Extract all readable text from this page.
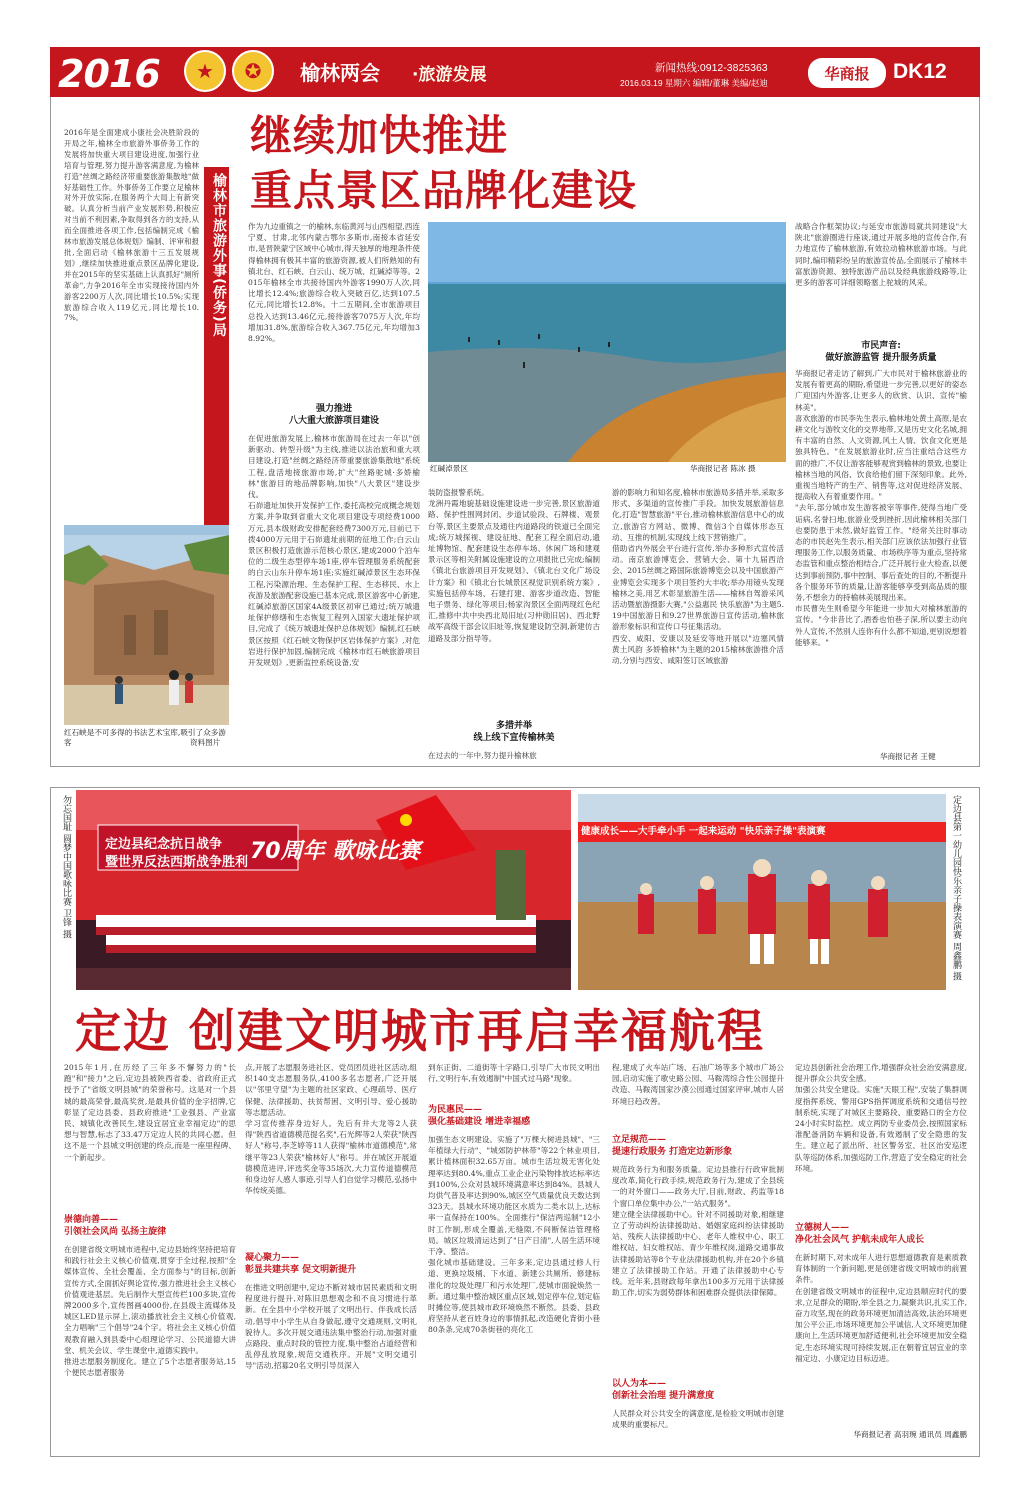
2016	★	✪	榆林两会 ·旅游发展	新闻热线:0912-3825363
2016.03.19 星期六 编辑/董琳 美编/赵迪
华商报	DK12
继续加快推进
重点景区品牌化建设
2016年是全面建成小康社会决胜阶段的开局之年,榆林全市旅游外事侨务工作的发展将加快重大项目建设进度,加强行业培育与管理,努力提升游客满意度,为榆林打造"丝绸之路经济带重要旅游集散地"做好基础性工作。外事侨务工作要立足榆林对外开放实际,在服务两个大局上有新突破。认真分析当前产业发展形势,积极应对当前不利因素,争取得到各方的支持,从而全面推进各项工作,包括编制完成《榆林市旅游发展总体规划》编制、评审和报批,全面启动《榆林旅游十三五发展规划》,继续加快推进重点景区品牌化建设,并在2015年的坚实基础上认真抓好"厕所革命",力争2016年全市实现接待国内外游客2200万人次,同比增长10.5%;实现旅游综合收入119亿元,同比增长10.7%。	榆林市旅游外事(侨务)局
红石峡是不可多得的书法艺术宝库,吸引了众多游客	资料图片
作为九边重镇之一的榆林,东临黄河与山西相望,西连宁夏、甘肃,北邻内蒙古鄂尔多斯市,南接本省延安市,是晋陕蒙宁区域中心城市,得天独厚的地理条件使得榆林拥有极其丰富的旅游资源,被人们所熟知的有镇北台、红石峡、白云山、统万城、红碱淖等等。2015年榆林全市共接待国内外游客1990万人次,同比增长12.4%;旅游综合收入突破百亿,达到107.5亿元,同比增长12.8%。十二五期间,全市旅游项目总投入达到13.46亿元,接待游客7075万人次,年均增加31.8%,旅游综合收入367.75亿元,年均增加38.92%。
强力推进
八大重大旅游项目建设
在促进旅游发展上,榆林市旅游局在过去一年以"创新驱动、转型升级"为主线,推进以法治旅和重大项目建设,打造"丝绸之路经济带重要旅游集散地"系统工程,盘活地接旅游市场,扩大"丝路驼城·多娇榆林"旅游目的地品牌影响,加快"八大景区"建设步伐。
石峁遗址加快开发保护工作,委托高校完成概念规划方案,并争取到省重大文化项目建设专项经费1000万元,县本级财政安排配套经费7300万元,目前已下拨4000万元用于石峁遗址前期的征地工作;白云山景区积极打造旅游示范核心景区,建成2000个泊车位的二级生态型停车场1座,停车管理服务系统配套的白云山东升停车场1座;实施红碱淖景区生态环保工程,污染源治理、生态保护工程、生态移民、水上夜游及旅游配套设施已基本完成,景区游客中心新建,红碱淖旅游区国家4A级景区初审已通过;统万城遗址保护修缮和生态恢复工程列入国家大遗址保护项目,完成了《统万城遗址保护总体规划》编制,红石峡景区按照《红石峡文物保护区岩体保护方案》,对危岩进行保护加固,编制完成《榆林市红石峡旅游项目开发规划》,更新监控系统设备,安
红碱淖景区	华商报记者 陈冰 摄
装防盗报警系统。
龙洲丹霞地貌基础设施建设进一步完善,景区旅游道路、保护性围网封闭、步道试验段、石牌楼、观景台等,景区主要景点及通往内道路段的铁道已全面完成;统万城探视、建设征地、配套工程全面启动,遗址博物馆、配套建设生态停车场、休闲广场和建观景示区等相关附属设施建设的立项报批已完成;编制《镇北台旅游项目开发规划》、《镇北台文化广场设计方案》和《镇北台长城景区视觉识别系统方案》,实施包括停车场、石建打建、游客步道改造、智能电子票务、绿化等项目;杨家沟景区全面两现红色纪汇,推修中共中央西北局旧址(习仲勋旧居)、西北野战军高级干部会议旧址等,恢复建设防空洞,新建仿古道路及部分指导等。
多措并举
线上线下宣传榆林美
在过去的一年中,努力提升榆林旅
游的影响力和知名度,榆林市旅游局多措并举,采取多形式、多渠道的宣传推广手段。加快发展旅游信息化,打造"智慧旅游"平台,推动榆林旅游信息中心的成立,旅游官方网站、微博、微信3个自媒体形态互动、互推的机制,实现线上线下营销推广。
借助省内外展会平台进行宣传,举办多种形式宣传活动。南京旅游博览会、营销大会、第十九届西洽会、2015丝绸之路国际旅游博览会以及中国旅游产业博览会实现多个项目签约大丰收;举办用镜头发现榆林之美,用艺术彰显旅游生活——榆林自驾游采风活动暨旅游摄影大赛,"公益惠民 快乐旅游"为主题5.19中国旅游日和9.27世界旅游日宣传活动,榆林旅游形象标识和宣传口号征集活动。
西安、咸阳、安康以及延安等地开展以"边塞风情 黄土风韵 多娇榆林"为主题的2015榆林旅游推介活动,分别与西安、咸阳签订区域旅游
战略合作框架协议;与延安市旅游局就共同建设"大陕北"旅游圈进行座谈,通过开展多地的宣传合作,有力地宣传了榆林旅游,有效拉动榆林旅游市场。与此同时,编印精彩纷呈的旅游宣传品,全面展示了榆林丰富旅游资源、独特旅游产品以及经典旅游线路等,让更多的游客可详细领略塞上驼城的风采。
市民声音:
做好旅游监管 提升服务质量
华商报记者走访了解到,广大市民对于榆林旅游业的发展有着更高的期盼,希望进一步完善,以更好的姿态广迎国内外游客,让更多人的欣赏、认识、宣传"榆林美"。
喜欢旅游的市民李先生表示,榆林地处黄土高原,是农耕文化与游牧文化的交界地带,又是历史文化名城,拥有丰富的自然、人文资源,风土人情、饮食文化更是独具特色。"在发展旅游业时,应当注重结合这些方面的推广,不仅让游客能够观赏到榆林的景致,也要让榆林当地的风俗、饮食给他们留下深刻印象。此外,重视当地特产的生产、销售等,这对促进经济发展、提高收入有着重要作用。"
"去年,部分城市发生游客被宰等事件,使得当地广受诟病,名誉扫地,旅游业受到挫折,因此榆林相关部门也要防患于未然,做好监管工作。"经常关注时事动态的市民赵先生表示,相关部门应该依法加强行业管理服务工作,以服务质量、市场秩序等为重点,坚持常态监管和重点整治相结合,广泛开展行业大检查,以便达到事前预防,事中控制、事后查处的目的,不断提升各个服务环节的质量,让游客能够享受到高品质的服务,不想余力的持榆林美展现出来。
市民曹先生则希望今年能进一步加大对榆林旅游的宣传。"今非昔比了,酒香也怕巷子深,所以要主动向外人宣传,不然别人连你有什么都不知道,更别说想着能够来。"
华商报记者 王健
定边县纪念抗日战争
暨世界反法西斯战争胜利 70周年 歌咏比赛
勿忘国耻 圆梦中国歌咏比赛 卫锋 摄	健康成长——大手牵小手 一起来运动 "快乐亲子操"表演赛	定边县第一幼儿园快乐亲子操表演赛 周鑫鹏 摄
定边 创建文明城市再启幸福航程
2015年1月,在历经了三年多不懈努力的"长跑"和"接力"之后,定边县被陕西省委、省政府正式授予了"省级文明县城"的荣誉称号。这是对一个县城的最高荣誉,最高奖赏,是最具价值的金字招牌,它彰显了定边县委、县政府推进"工业强县、产业富民、城镇化改善民生,建设宜居宜业幸福定边"的思想与智慧,标志了33.47万定边人民的共同心愿。但这不是一个县城文明创建的终点,而是一座里程碑、一个新起步。
崇德向善——
引领社会风尚 弘扬主旋律
在创建省级文明城市进程中,定边县始终坚持把培育和践行社会主义核心价值观,贯穿于全过程,按照"全媒体宣传、全社会覆盖、全方面参与"的目标,创新宣传方式,全面抓好舆论宣传,强力推进社会主义核心价值观进基层。先后制作大型宣传栏100多块,宣传牌2000多个,宣传图画4000份,在县级主流媒体及城区LED显示屏上,滚动播放社会主义核心价值观,全力唱响"三个倡导"24个字。将社会主义核心价值观教育融入到县委中心组理论学习、公民道德大讲堂、机关会议、学生课堂中,道德实践中。
推进志愿服务制度化。建立了5个志愿者服务站,15个便民志愿者服务
点,开展了志愿服务进社区、党员团员进社区活动,组织140支志愿服务队,4100多名志愿者,广泛开展以"邻里守望"为主题的社区家政、心理疏导、医疗保健、法律援助、扶贫帮困、文明引导、爱心援助等志愿活动。
学习宣传推荐身边好人。先后有井大龙等2人获得"陕西省道德模范提名奖",石光辉等2人荣获"陕西好人"称号,李芝婷等11人获得"榆林市道德模范",常继平等23人荣获"榆林好人"称号。并在城区开展道德模范进评,评选奖金等35场次,大力宣传道德模范和身边好人感人事迹,引导人们自觉学习模范,弘扬中华传统美德。
凝心聚力——
彰显共建共享 促文明新提升
在推进文明创建中,定边不断对城市居民素质和文明程度进行提升,对陈旧思想观念和不良习惯进行革新。在全县中小学校开展了文明出行、伴我成长活动,倡导中小学生从自身做起,遵守交通规则,文明礼貌待人。多次开展交通违法集中整治行动,加强对重点路段、重点时段的管控力度,集中整治占道经营和乱停乱放现象,规范交通秩序。开展"文明交通引导"活动,招募20名文明引导员深入
到东正街、二道街等十字路口,引导广大市民文明出行,文明行车,有效遏制"中国式过马路"现象。
为民惠民——
强化基础建设 增进幸福感
加强生态文明建设。实施了"万棵大树进县城"、"三年植绿大行动"、"城郊防护林带"等22个林业项目,累计植林面积32.65万亩。城市生活垃圾无害化处理率达到80.4%,重点工业企业污染物排放达标率达到100%,公众对县城环境满意率达到84%。县城人均供气普及率达到90%,城区空气质量优良天数达到323天。县城水环境功能区水质为二类水以上,达标率一直保持在100%。全面推行"保洁两巡制"12小时工作制,形成全覆盖,无缝隙,不间断保洁管理格局。城区垃圾清运达到了"日产日清",人居生活环境干净、整洁。
强化城市基础建设。三年多来,定边县通过修人行道、更换垃圾桶、下水道、新建公共厕所、修建标准化的垃圾处理厂和污水处理厂,使城市面貌焕然一新。通过集中整治城区重点区域,划定停车位,划定临时摊位等,使县城市政环境焕然不断然。县委、县政府坚持从老百姓身边的事情抓起,改造硬化背街小巷80条条,完成70条街巷的亮化工
程,建成了火车站广场、石油广场等多个城市广场公园,启动实施了歌史路公园、马鞍湾综合性公园提升改造、马鞍湾国家沙漠公园通过国家评审,城市人居环境日趋改善。
立足规范——
提速行政服务 打造定边新形象
规范政务行为和服务质量。定边县推行行政审批制度改革,简化行政手续,规范政务行为,建成了全县统一的对外窗口——政务大厅,目前,财政、药监等18个窗口单位集中办公,"一站式服务"。
建立健全法律援助中心。针对不同援助对象,相继建立了劳动纠纷法律援助站、婚姻家庭纠纷法律援助站、残疾人法律援助中心、老年人维权中心、职工维权站、妇女维权站、青少年维权岗,道路交通事故法律援助站等8个专业法律援助机构,并在20个乡镇建立了法律援助工作站。开通了法律援助中心专线。近年来,县财政每年拿出100多万元用于法律援助工作,切实为弱势群体和困难群众提供法律保障。
以人为本——
创新社会治理 提升满意度
人民群众对公共安全的满意度,是检验文明城市创建成果的重要标尺。
定边县创新社会治理工作,增强群众社会治安满意度,提升群众公共安全感。
加强公共安全建设。实施"天眼工程",安装了集群调度指挥系统、警用GPS指挥调度系统和交通信号控制系统,实现了对城区主要路段、重要路口的全方位24小时实时监控。成立两防专业委员会,按照国家标准配备消防车辆和设备,有效遏制了安全隐患的发生。建立起了派出所、社区警务室、社区治安巡逻队等巡防体系,加强巡防工作,营造了安全稳定的社会环境。
立德树人——
净化社会风气 护航未成年人成长
在新时期下,对未成年人进行思想道德教育是素质教育体制的一个新问题,更是创建省级文明城市的前置条件。
在创建省级文明城市的征程中,定边县顺应时代的要求,立足群众的期盼,举全县之力,凝聚共识,扎实工作,奋力攻坚,现在的政务环境更加清洁高效,法治环境更加公平公正,市场环境更加公平诚信,人文环境更加健康向上,生活环境更加舒适便利,社会环境更加安全稳定,生态环境实现可持续发展,正在朝着宜居宜业的幸福定边、小康定边目标迈进。
华商报记者 高羽琬 通讯员 周鑫鹏
